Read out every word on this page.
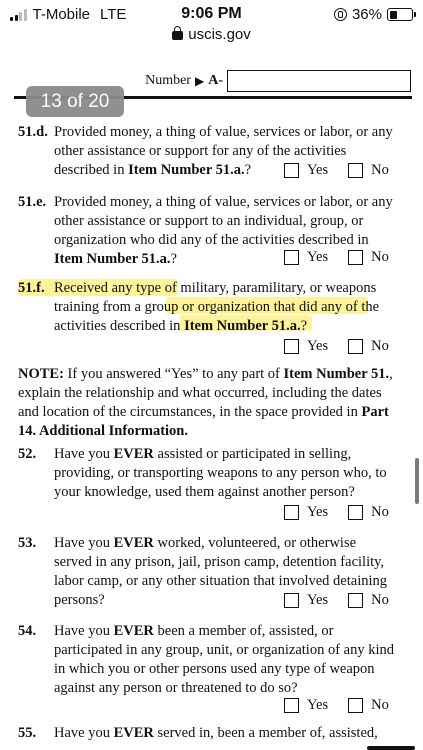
T-Mobile LTE	9:06 PM
uscis.gov
36%
Number ▶ A-
13 of 20
51.d. Provided money, a thing of value, services or labor, or any other assistance or support for any of the activities described in Item Number 51.a.?	Yes	No
51.e. Provided money, a thing of value, services or labor, or any other assistance or support to an individual, group, or organization who did any of the activities described in Item Number 51.a.?	Yes	No
51.f. Received any type of military, paramilitary, or weapons training from a group or organization that did any of the activities described in Item Number 51.a.?
Yes	No
NOTE: If you answered “Yes” to any part of Item Number 51., explain the relationship and what occurred, including the dates and location of the circumstances, in the space provided in Part 14. Additional Information.
52. Have you EVER assisted or participated in selling, providing, or transporting weapons to any person who, to your knowledge, used them against another person?
Yes	No
53. Have you EVER worked, volunteered, or otherwise served in any prison, jail, prison camp, detention facility, labor camp, or any other situation that involved detaining persons?	Yes	No
54. Have you EVER been a member of, assisted, or participated in any group, unit, or organization of any kind in which you or other persons used any type of weapon against any person or threatened to do so?
Yes	No
55. Have you EVER served in, been a member of, assisted,
